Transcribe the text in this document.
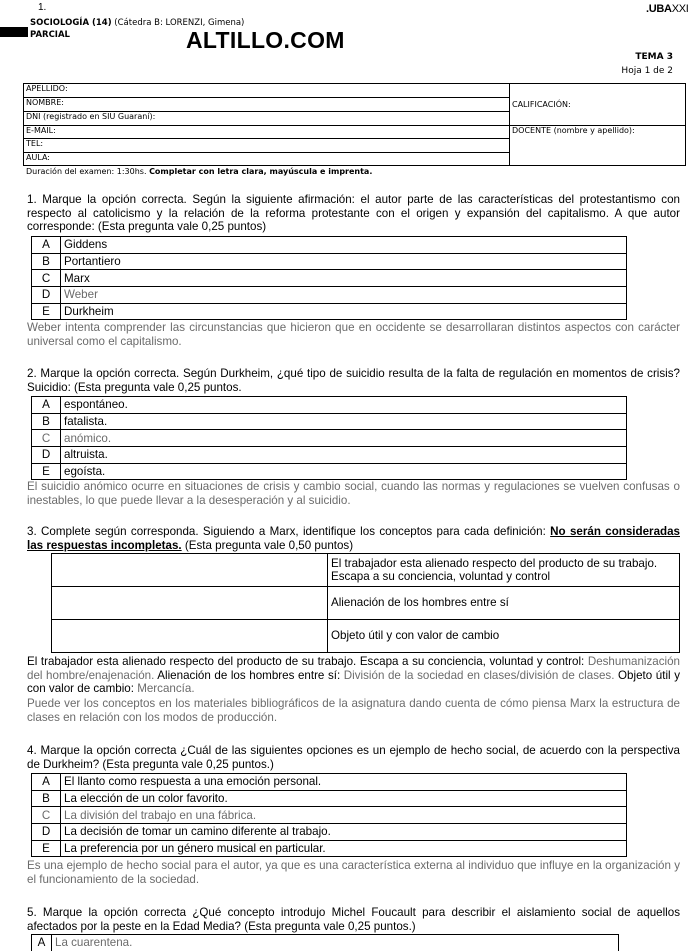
1.	.UBAXXI
SOCIOLOGÍA (14) (Cátedra B: LORENZI, Gimena)
PARCIAL	ALTILLO.COM
TEMA 3
Hoja 1 de 2
APELLIDO:	CALIFICACIÓN:
NOMBRE:	
DNI (registrado en SIU Guaraní):	
E-MAIL:	DOCENTE (nombre y apellido):
TEL:	
AULA:	
Duración del examen: 1:30hs. Completar con letra clara, mayúscula e imprenta.
1. Marque la opción correcta. Según la siguiente afirmación: el autor parte de las características del protestantismo con respecto al catolicismo y la relación de la reforma protestante con el origen y expansión del capitalismo. A que autor corresponde: (Esta pregunta vale 0,25 puntos)
A	Giddens
B	Portantiero
C	Marx
D	Weber
E	Durkheim
Weber intenta comprender las circunstancias que hicieron que en occidente se desarrollaran distintos aspectos con carácter universal como el capitalismo.
2. Marque la opción correcta. Según Durkheim, ¿qué tipo de suicidio resulta de la falta de regulación en momentos de crisis? Suicidio: (Esta pregunta vale 0,25 puntos.
A	espontáneo.
B	fatalista.
C	anómico.
D	altruista.
E	egoísta.
El suicidio anómico ocurre en situaciones de crisis y cambio social, cuando las normas y regulaciones se vuelven confusas o inestables, lo que puede llevar a la desesperación y al suicidio.
3. Complete según corresponda. Siguiendo a Marx, identifique los conceptos para cada definición: No serán consideradas las respuestas incompletas. (Esta pregunta vale 0,50 puntos)
	El trabajador esta alienado respecto del producto de su trabajo. Escapa a su conciencia, voluntad y control
	Alienación de los hombres entre sí
	Objeto útil y con valor de cambio
El trabajador esta alienado respecto del producto de su trabajo. Escapa a su conciencia, voluntad y control: Deshumanización del hombre/enajenación. Alienación de los hombres entre sí: División de la sociedad en clases/división de clases. Objeto útil y con valor de cambio: Mercancía.
Puede ver los conceptos en los materiales bibliográficos de la asignatura dando cuenta de cómo piensa Marx la estructura de clases en relación con los modos de producción.
4. Marque la opción correcta ¿Cuál de las siguientes opciones es un ejemplo de hecho social, de acuerdo con la perspectiva de Durkheim? (Esta pregunta vale 0,25 puntos.)
A	El llanto como respuesta a una emoción personal.
B	La elección de un color favorito.
C	La división del trabajo en una fábrica.
D	La decisión de tomar un camino diferente al trabajo.
E	La preferencia por un género musical en particular.
Es una ejemplo de hecho social para el autor, ya que es una característica externa al individuo que influye en la organización y el funcionamiento de la sociedad.
5. Marque la opción correcta ¿Qué concepto introdujo Michel Foucault para describir el aislamiento social de aquellos afectados por la peste en la Edad Media? (Esta pregunta vale 0,25 puntos.)
A	La cuarentena.
